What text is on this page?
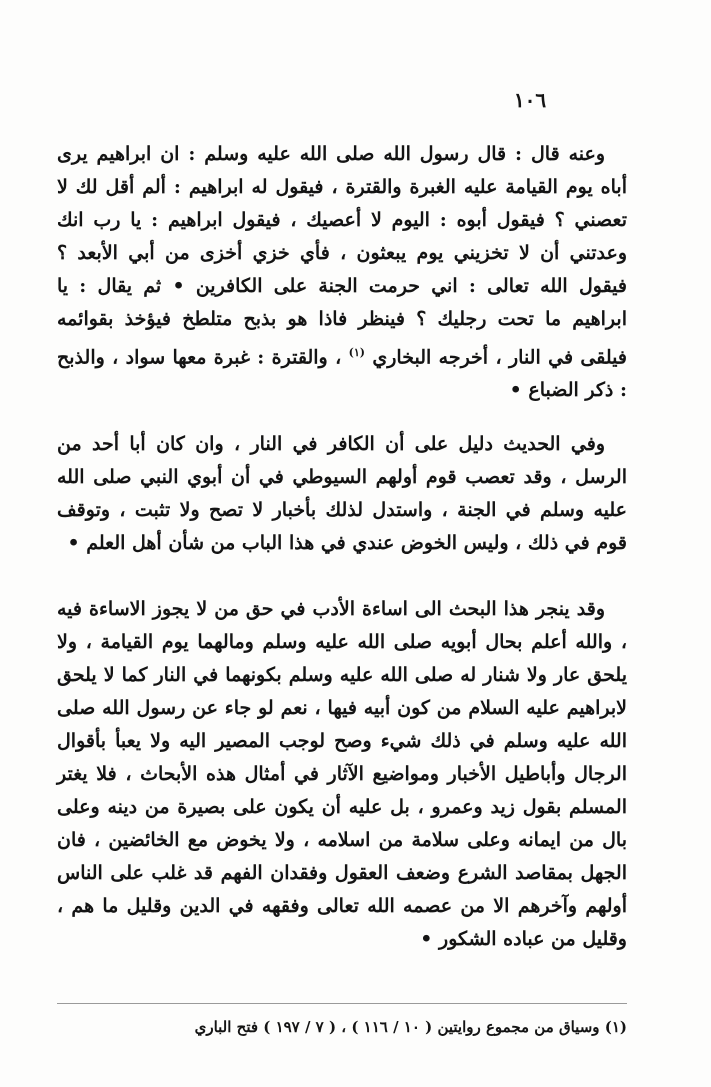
١٠٦

وعنه قال : قال رسول الله صلى الله عليه وسلم : ان ابراهيم يرى أباه يوم القيامة عليه الغبرة والقترة ، فيقول له ابراهيم : ألم أقل لك لا تعصني ؟ فيقول أبوه : اليوم لا أعصيك ، فيقول ابراهيم : يا رب انك وعدتني أن لا تخزيني يوم يبعثون ، فأي خزي أخزى من أبي الأبعد ؟ فيقول الله تعالى : اني حرمت الجنة على الكافرين • ثم يقال : يا ابراهيم ما تحت رجليك ؟ فينظر فاذا هو بذبح متلطخ فيؤخذ بقوائمه فيلقى في النار ، أخرجه البخاري $^{(١)}$ ، والقترة : غبرة معها سواد ، والذبح : ذكر الضباع •

وفي الحديث دليل على أن الكافر في النار ، وان كان أبا أحد من الرسل ، وقد تعصب قوم أولهم السيوطي في أن أبوي النبي صلى الله عليه وسلم في الجنة ، واستدل لذلك بأخبار لا تصح ولا تثبت ، وتوقف قوم في ذلك ، وليس الخوض عندي في هذا الباب من شأن أهل العلم •

وقد ينجر هذا البحث الى اساءة الأدب في حق من لا يجوز الاساءة فيه ، والله أعلم بحال أبويه صلى الله عليه وسلم ومالهما يوم القيامة ، ولا يلحق عار ولا شنار له صلى الله عليه وسلم بكونهما في النار كما لا يلحق لابراهيم عليه السلام من كون أبيه فيها ، نعم لو جاء عن رسول الله صلى الله عليه وسلم في ذلك شيء وصح لوجب المصير اليه ولا يعبأ بأقوال الرجال وأباطيل الأخبار ومواضيع الآثار في أمثال هذه الأبحاث ، فلا يغتر المسلم بقول زيد وعمرو ، بل عليه أن يكون على بصيرة من دينه وعلى بال من ايمانه وعلى سلامة من اسلامه ، ولا يخوض مع الخائضين ، فان الجهل بمقاصد الشرع وضعف العقول وفقدان الفهم قد غلب على الناس أولهم وآخرهم الا من عصمه الله تعالى وفقهه في الدين وقليل ما هم ، وقليل من عباده الشكور •

(١) وسياق من مجموع روايتين ( ١٠ / ١١٦ ) ، ( ٧ / ١٩٧ ) فتح الباري
